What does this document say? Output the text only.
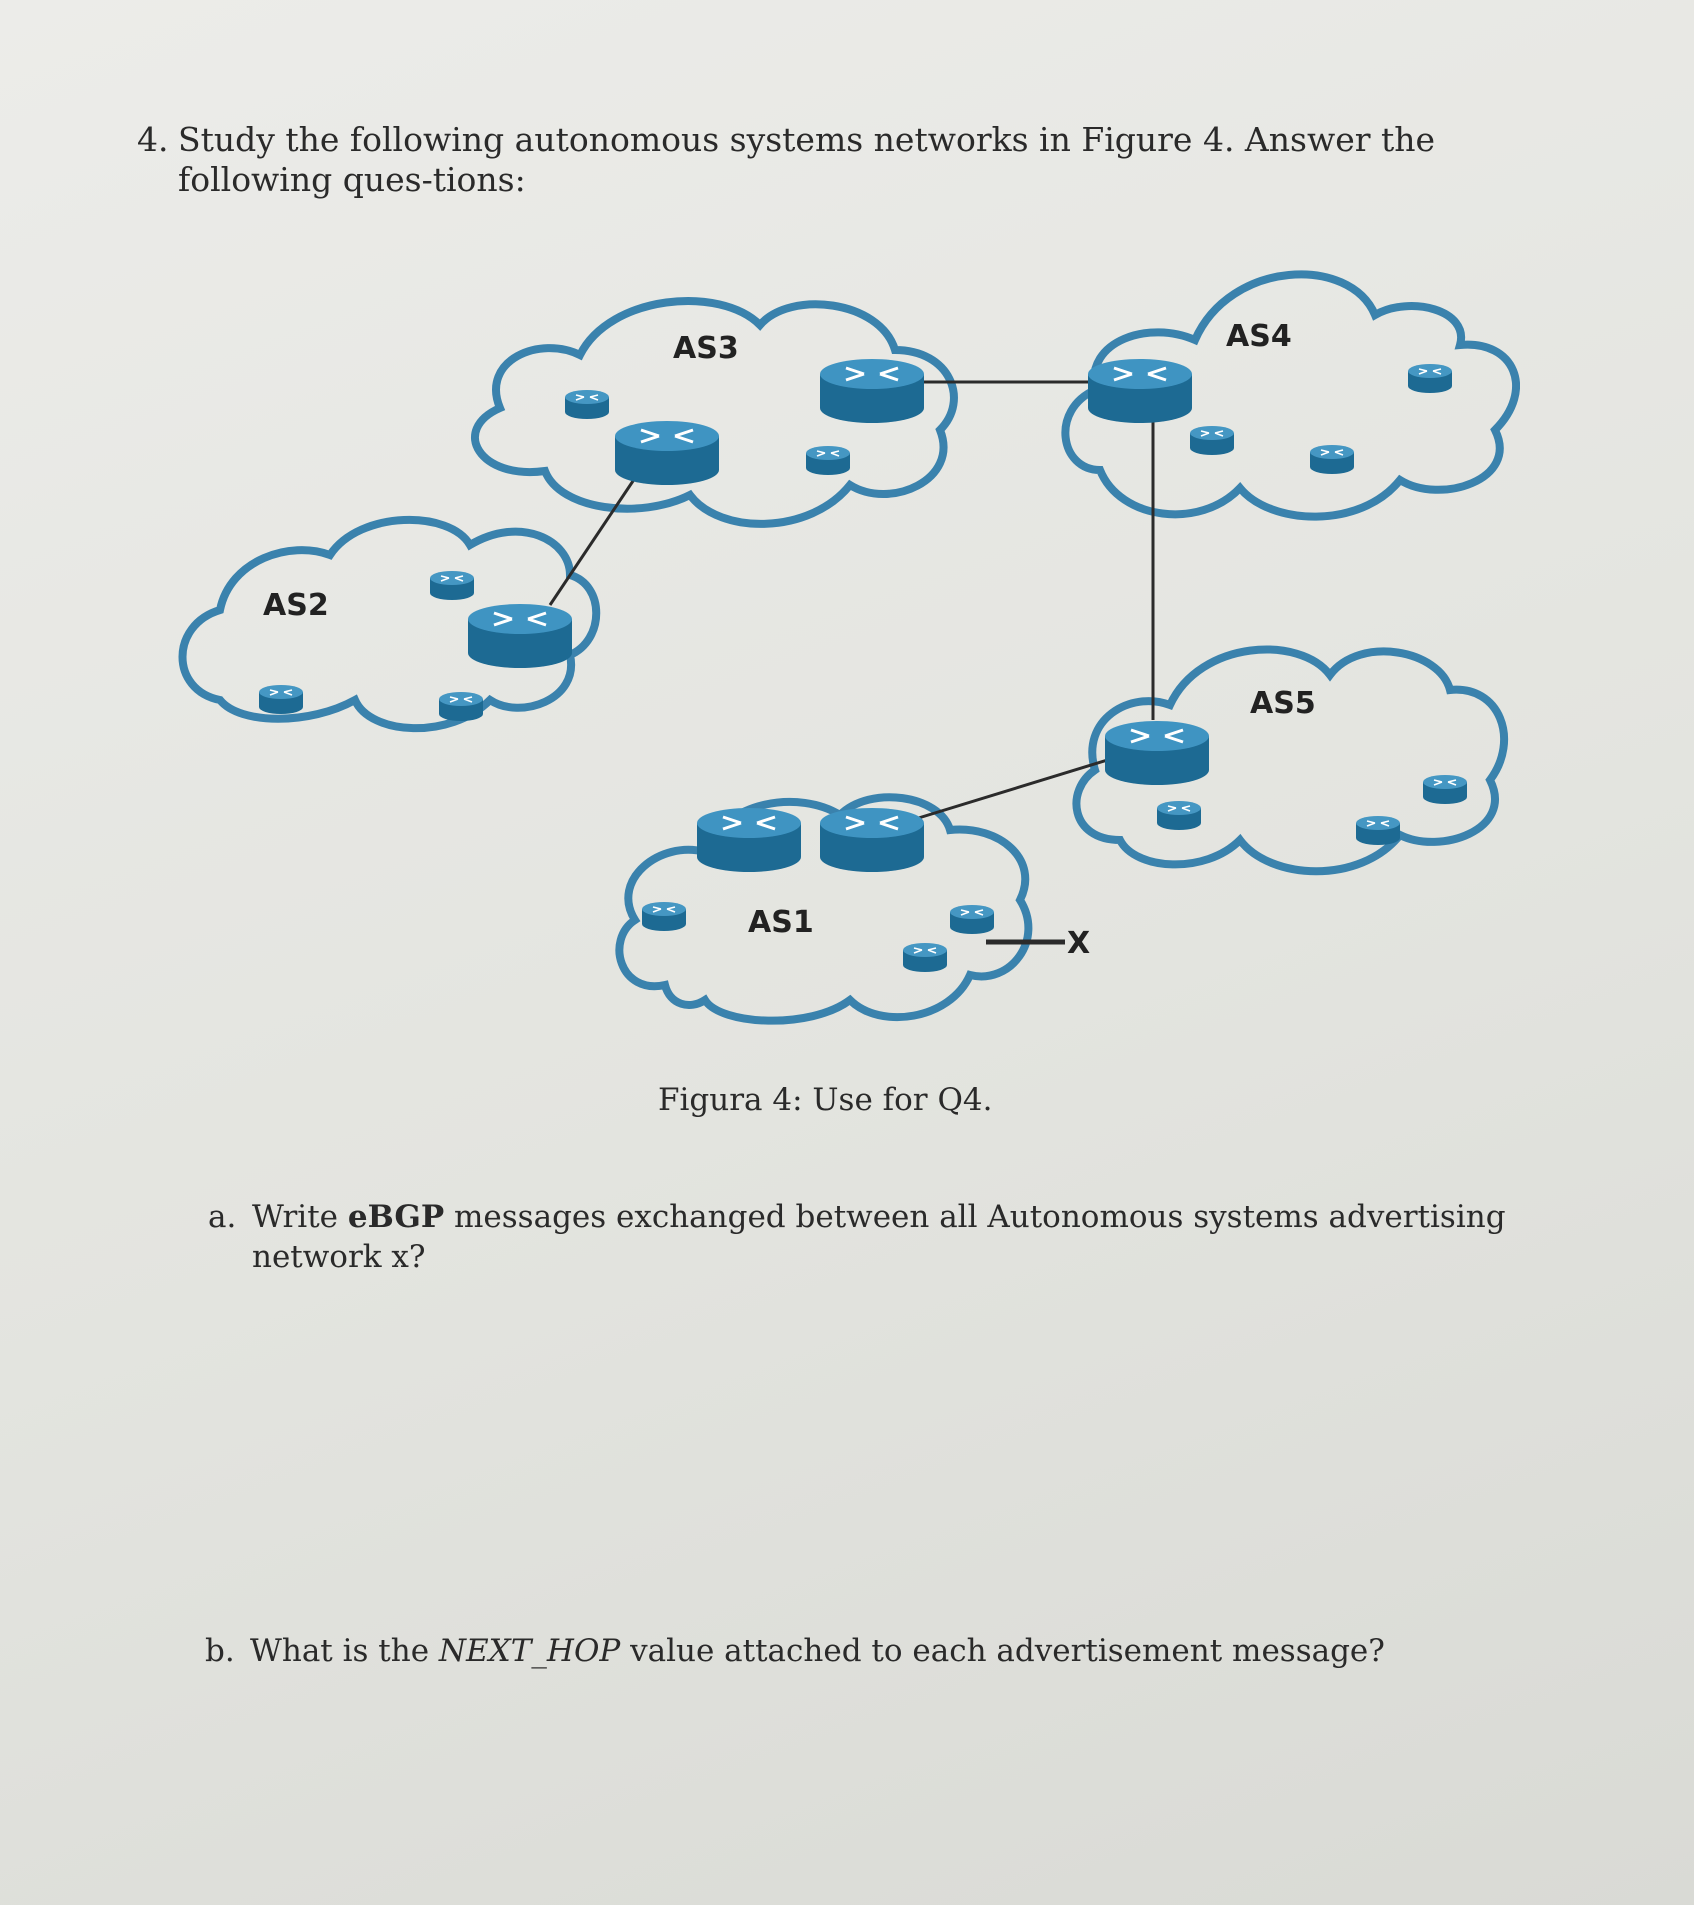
4. Study the following autonomous systems networks in Figure 4. Answer the following ques-tions:
AS3	AS4
AS2
AS5
AS1
X
Figura 4: Use for Q4.
a. Write eBGP messages exchanged between all Autonomous systems advertising network x?
b. What is the NEXT_HOP value attached to each advertisement message?
